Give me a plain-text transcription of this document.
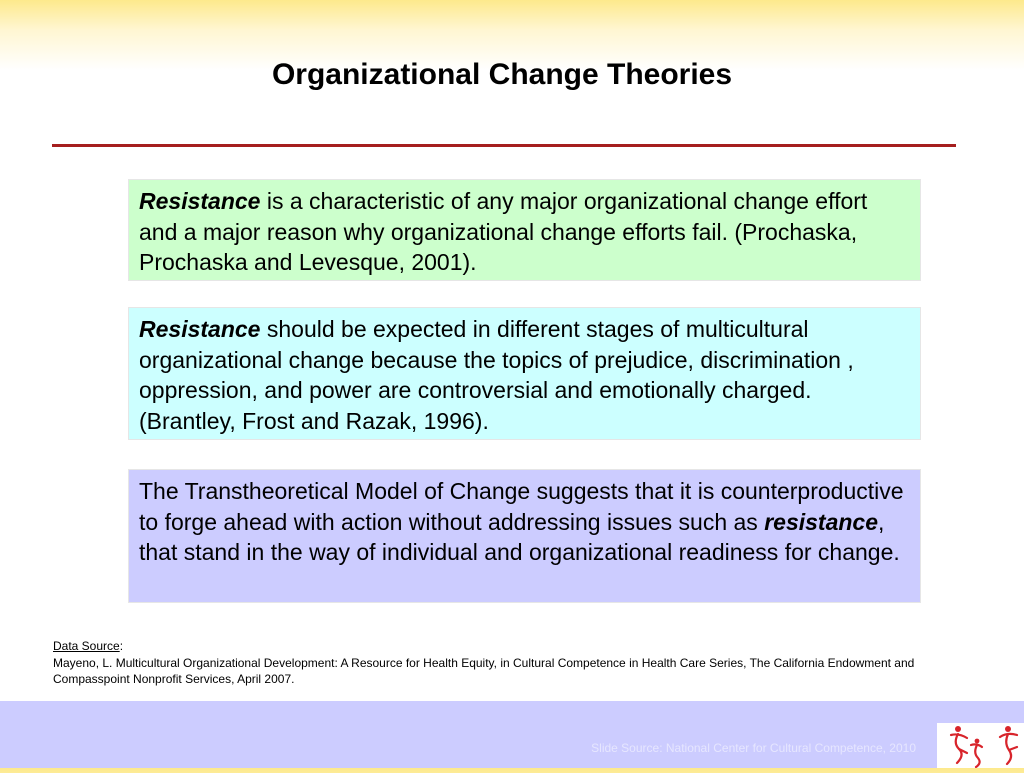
Organizational Change Theories
Resistance is a characteristic of any major organizational change effort and a major reason why organizational change efforts fail. (Prochaska, Prochaska and Levesque, 2001).
Resistance should be expected in different stages of multicultural organizational change because the topics of prejudice, discrimination , oppression, and power are controversial and emotionally charged. (Brantley, Frost and Razak, 1996).
The Transtheoretical Model of Change suggests that it is counterproductive to forge ahead with action without addressing issues such as resistance, that stand in the way of individual and organizational readiness for change.
Data Source:
Mayeno, L. Multicultural Organizational Development: A Resource for Health Equity, in Cultural Competence in Health Care Series, The California Endowment and Compasspoint Nonprofit Services, April 2007.
Slide Source: National Center for Cultural Competence, 2010
